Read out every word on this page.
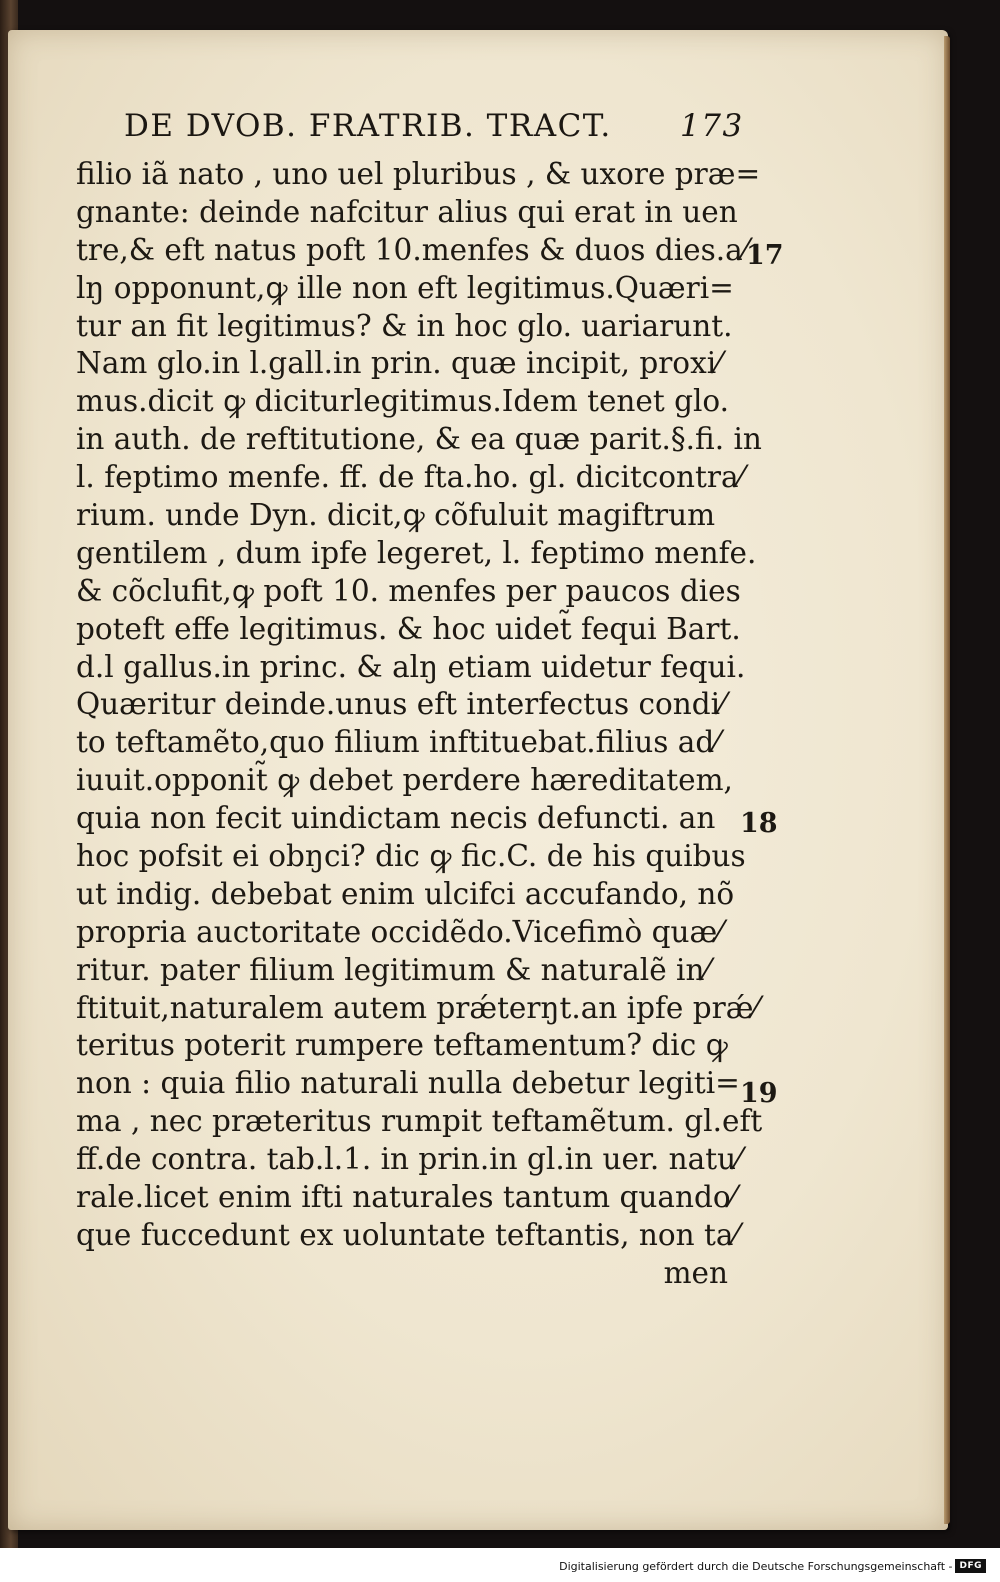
DE DVOB. FRATRIB. TRACT. 173
filio iã nato , uno uel pluribus , & uxore præ=
gnante: deinde nafcitur alius qui erat in uen
tre,& eft natus poft 10.menfes & duos dies.a⁄
lŋ opponunt,ꝙ ille non eft legitimus.Quæri=
tur an fit legitimus? & in hoc glo. uariarunt.
Nam glo.in l.gall.in prin. quæ incipit, proxi⁄
mus.dicit ꝙ diciturlegitimus.Idem tenet glo.
in auth. de reftitutione, & ea quæ parit.§.fi. in
l. feptimo menfe. ff. de fta.ho. gl. dicitcontra⁄
rium. unde Dyn. dicit,ꝙ cõfuluit magiftrum
gentilem , dum ipfe legeret, l. feptimo menfe.
& cõclufit,ꝙ poft 10. menfes per paucos dies
poteft effe legitimus. & hoc uidet̃ fequi Bart.
d.l gallus.in princ. & alŋ etiam uidetur fequi.
Quæritur deinde.unus eft interfectus condi⁄
to teftamẽto,quo filium inftituebat.filius ad⁄
iuuit.opponit̃ ꝙ debet perdere hæreditatem,
quia non fecit uindictam necis defuncti. an
hoc pofsit ei obŋci? dic ꝙ fic.C. de his quibus
ut indig. debebat enim ulcifci accufando, nõ
propria auctoritate occidẽdo.Vicefimò quæ⁄
ritur. pater filium legitimum & naturalẽ in⁄
ftituit,naturalem autem prǽterŋt.an ipfe prǽ⁄
teritus poterit rumpere teftamentum? dic ꝙ
non : quia filio naturali nulla debetur legiti=
ma , nec præteritus rumpit teftamẽtum. gl.eft
ff.de contra. tab.l.1. in prin.in gl.in uer. natu⁄
rale.licet enim ifti naturales tantum quando⁄
que fuccedunt ex uoluntate teftantis, non ta⁄
men
17
18
19
Digitalisierung gefördert durch die Deutsche Forschungsgemeinschaft - DFG
